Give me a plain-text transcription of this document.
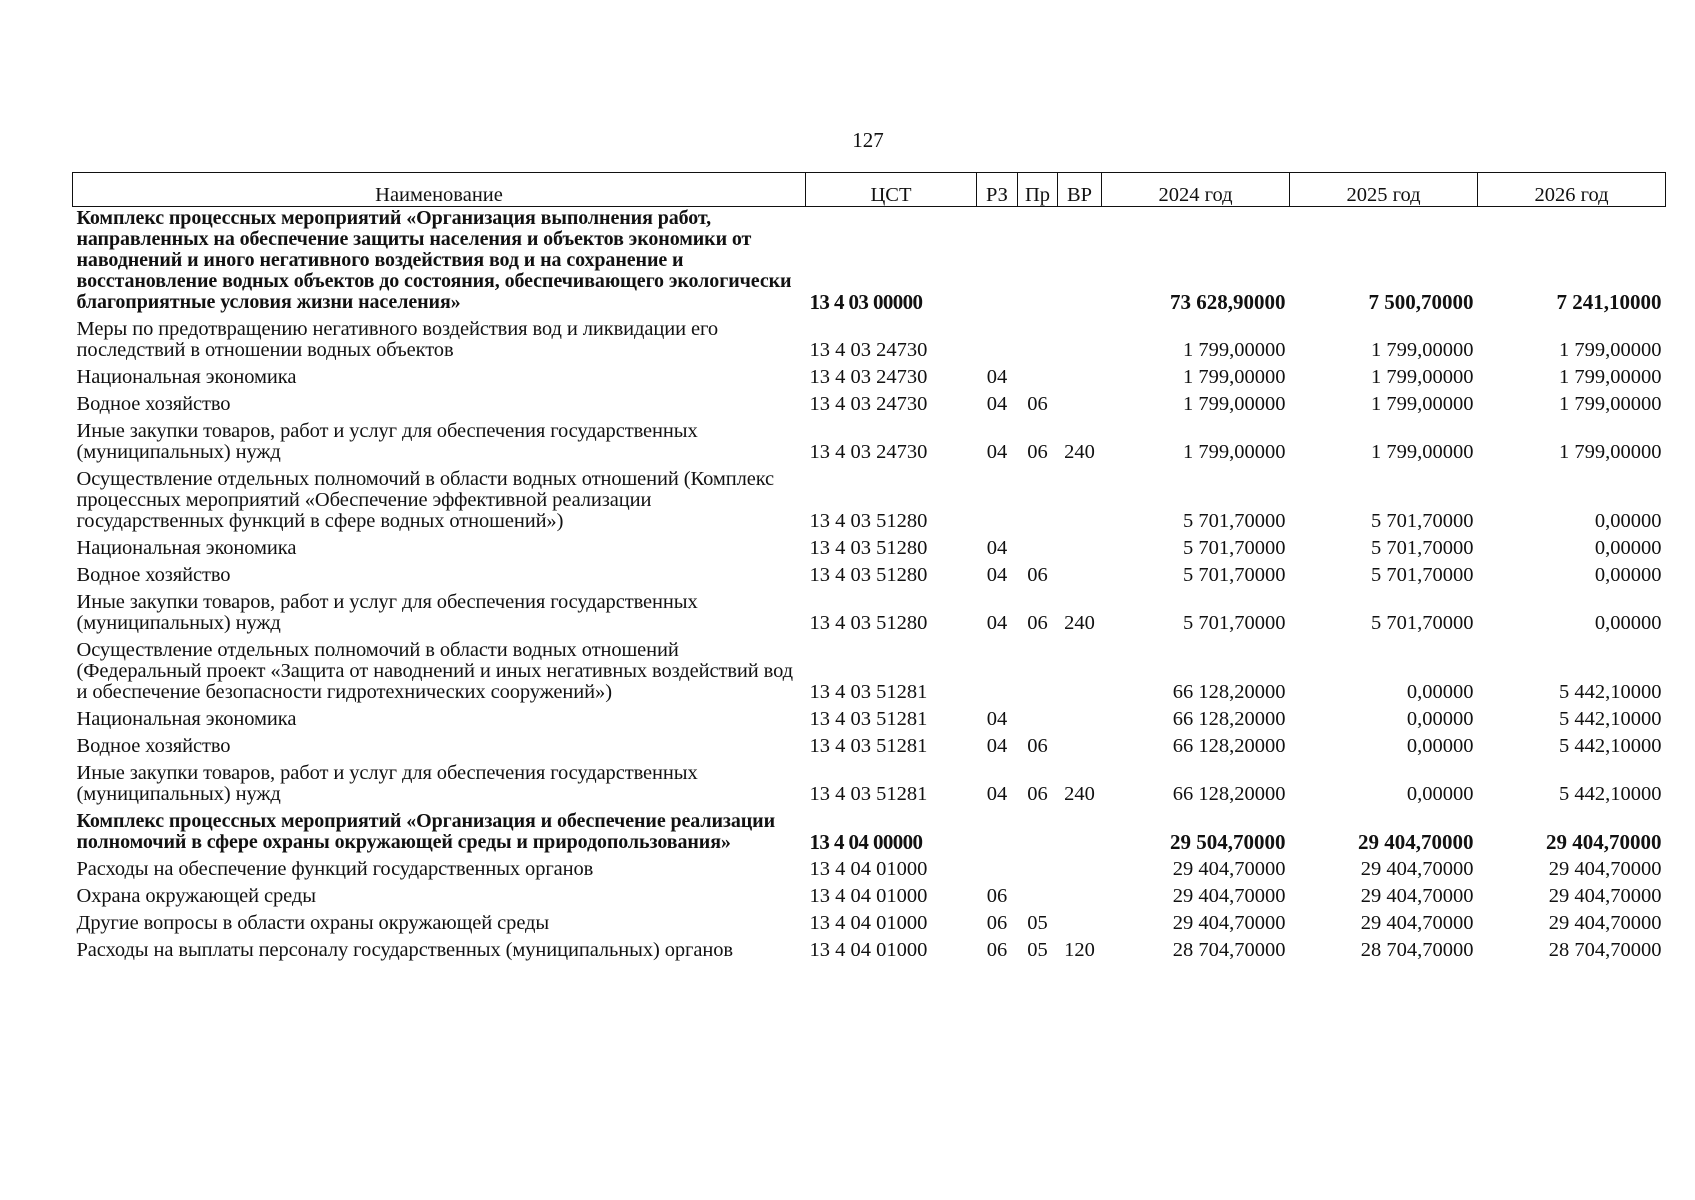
127
Наименование	ЦСТ	РЗ	Пр	ВР	2024 год	2025 год	2026 год
Комплекс процессных мероприятий «Организация выполнения работ, направленных на обеспечение защиты населения и объектов экономики от наводнений и иного негативного воздействия вод и на сохранение и восстановление водных объектов до состояния, обеспечивающего экологически благоприятные условия жизни населения»	13 4 03 00000				73 628,90000	7 500,70000	7 241,10000
Меры по предотвращению негативного воздействия вод и ликвидации его последствий в отношении водных объектов	13 4 03 24730				1 799,00000	1 799,00000	1 799,00000
Национальная экономика	13 4 03 24730	04			1 799,00000	1 799,00000	1 799,00000
Водное хозяйство	13 4 03 24730	04	06		1 799,00000	1 799,00000	1 799,00000
Иные закупки товаров, работ и услуг для обеспечения государственных (муниципальных) нужд	13 4 03 24730	04	06	240	1 799,00000	1 799,00000	1 799,00000
Осуществление отдельных полномочий в области водных отношений (Комплекс процессных мероприятий «Обеспечение эффективной реализации государственных функций в сфере водных отношений»)	13 4 03 51280				5 701,70000	5 701,70000	0,00000
Национальная экономика	13 4 03 51280	04			5 701,70000	5 701,70000	0,00000
Водное хозяйство	13 4 03 51280	04	06		5 701,70000	5 701,70000	0,00000
Иные закупки товаров, работ и услуг для обеспечения государственных (муниципальных) нужд	13 4 03 51280	04	06	240	5 701,70000	5 701,70000	0,00000
Осуществление отдельных полномочий в области водных отношений (Федеральный проект «Защита от наводнений и иных негативных воздействий вод и обеспечение безопасности гидротехнических сооружений»)	13 4 03 51281				66 128,20000	0,00000	5 442,10000
Национальная экономика	13 4 03 51281	04			66 128,20000	0,00000	5 442,10000
Водное хозяйство	13 4 03 51281	04	06		66 128,20000	0,00000	5 442,10000
Иные закупки товаров, работ и услуг для обеспечения государственных (муниципальных) нужд	13 4 03 51281	04	06	240	66 128,20000	0,00000	5 442,10000
Комплекс процессных мероприятий «Организация и обеспечение реализации полномочий в сфере охраны окружающей среды и природопользования»	13 4 04 00000				29 504,70000	29 404,70000	29 404,70000
Расходы на обеспечение функций государственных органов	13 4 04 01000				29 404,70000	29 404,70000	29 404,70000
Охрана окружающей среды	13 4 04 01000	06			29 404,70000	29 404,70000	29 404,70000
Другие вопросы в области охраны окружающей среды	13 4 04 01000	06	05		29 404,70000	29 404,70000	29 404,70000
Расходы на выплаты персоналу государственных (муниципальных) органов	13 4 04 01000	06	05	120	28 704,70000	28 704,70000	28 704,70000
